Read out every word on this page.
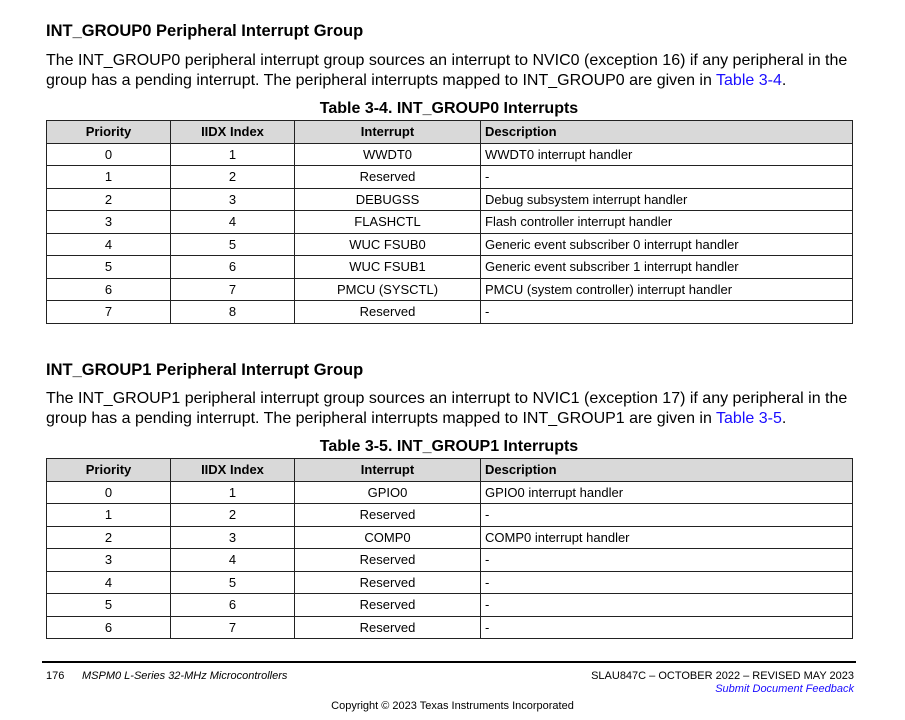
INT_GROUP0 Peripheral Interrupt Group

The INT_GROUP0 peripheral interrupt group sources an interrupt to NVIC0 (exception 16) if any peripheral in the group has a pending interrupt. The peripheral interrupts mapped to INT_GROUP0 are given in Table 3-4.

Table 3-4. INT_GROUP0 Interrupts
Priority	IIDX Index	Interrupt	Description
0	1	WWDT0	WWDT0 interrupt handler
1	2	Reserved	-
2	3	DEBUGSS	Debug subsystem interrupt handler
3	4	FLASHCTL	Flash controller interrupt handler
4	5	WUC FSUB0	Generic event subscriber 0 interrupt handler
5	6	WUC FSUB1	Generic event subscriber 1 interrupt handler
6	7	PMCU (SYSCTL)	PMCU (system controller) interrupt handler
7	8	Reserved	-
INT_GROUP1 Peripheral Interrupt Group

The INT_GROUP1 peripheral interrupt group sources an interrupt to NVIC1 (exception 17) if any peripheral in the group has a pending interrupt. The peripheral interrupts mapped to INT_GROUP1 are given in Table 3-5.

Table 3-5. INT_GROUP1 Interrupts
Priority	IIDX Index	Interrupt	Description
0	1	GPIO0	GPIO0 interrupt handler
1	2	Reserved	-
2	3	COMP0	COMP0 interrupt handler
3	4	Reserved	-
4	5	Reserved	-
5	6	Reserved	-
6	7	Reserved	-
176 MSPM0 L-Series 32-MHz Microcontrollers	SLAU847C – OCTOBER 2022 – REVISED MAY 2023
Submit Document Feedback
Copyright © 2023 Texas Instruments Incorporated
